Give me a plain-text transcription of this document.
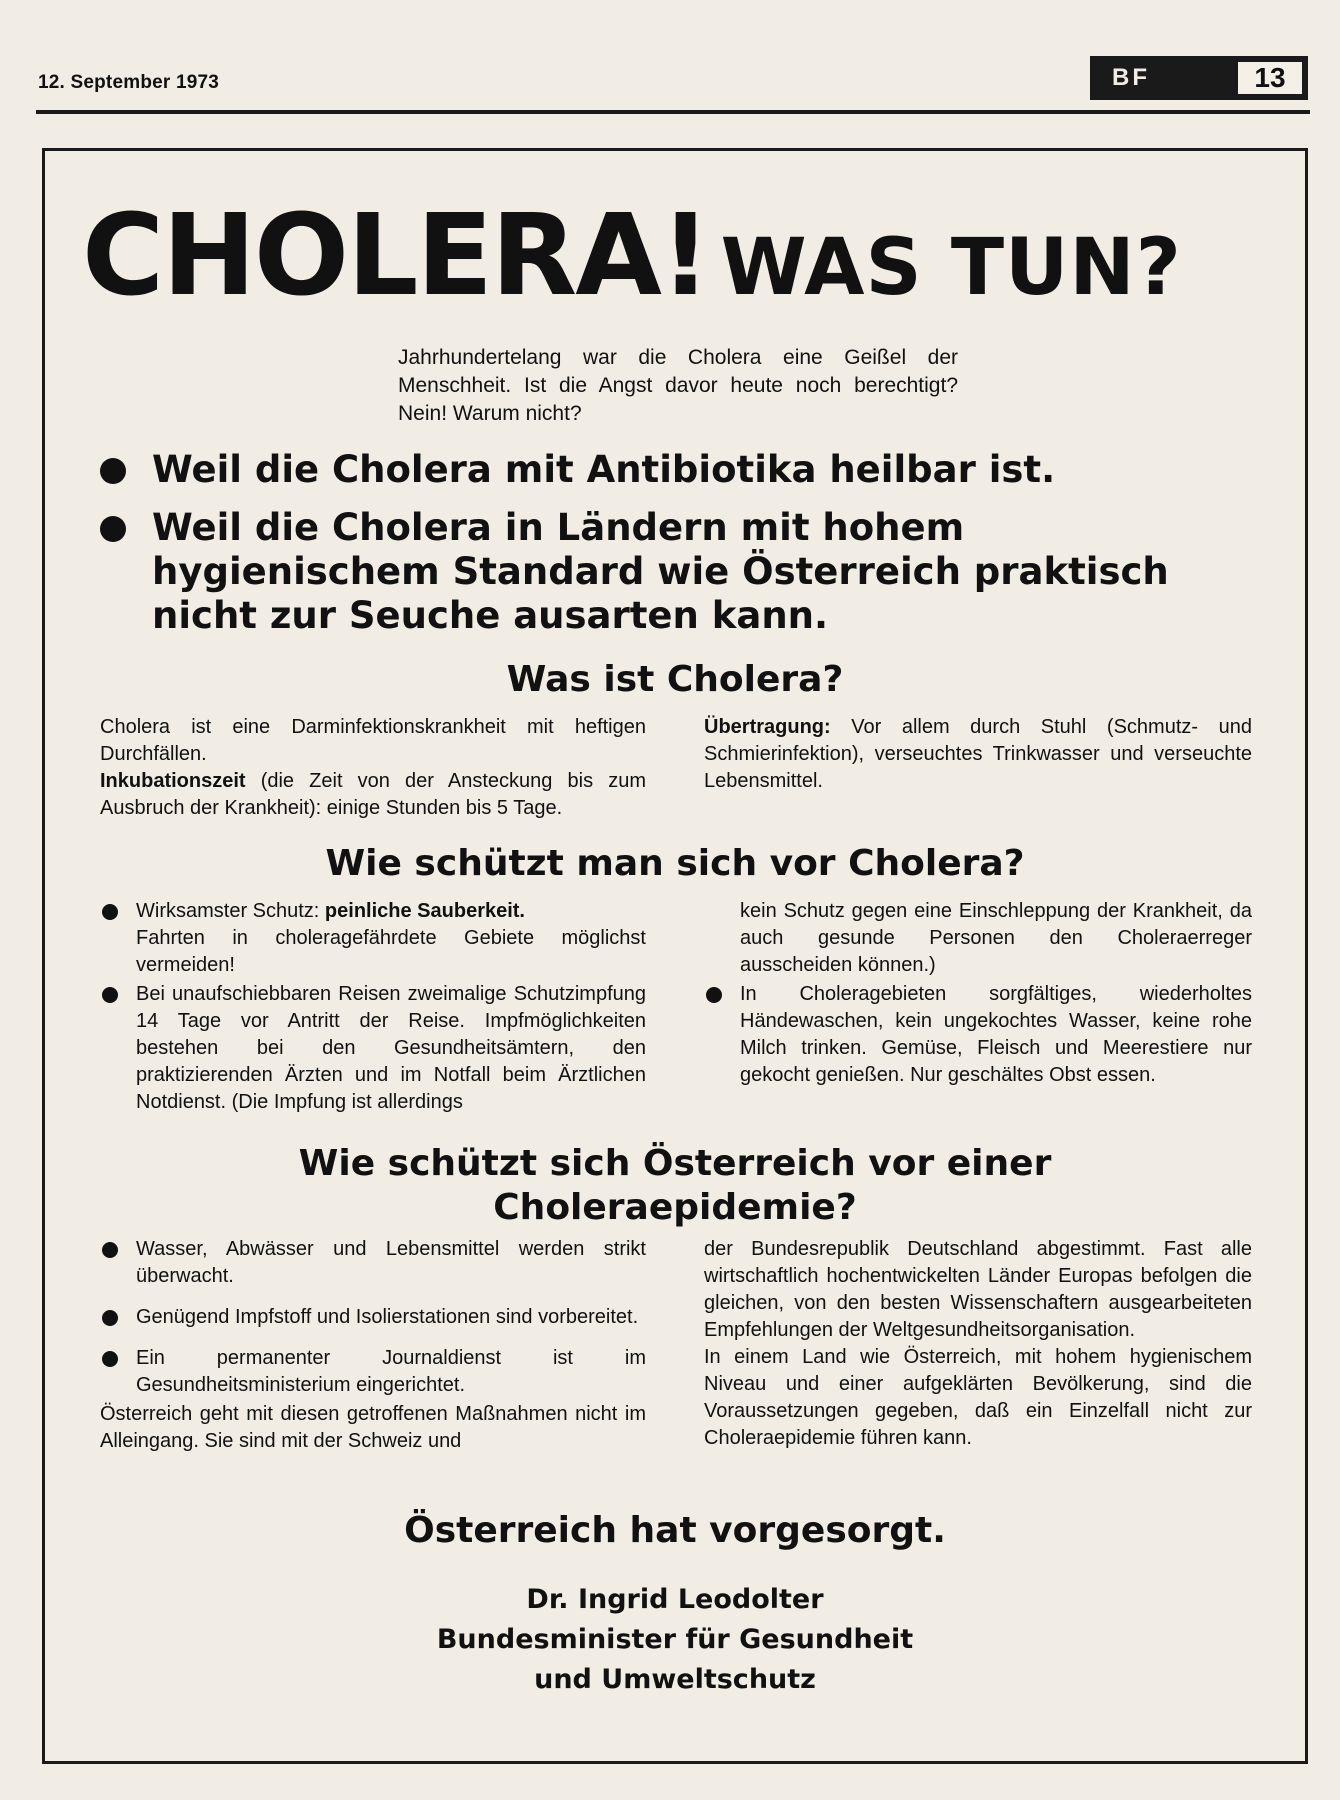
12. September 1973	BF	13
CHOLERA! WAS TUN?
Jahrhundertelang war die Cholera eine Geißel der Menschheit. Ist die Angst davor heute noch berechtigt? Nein! Warum nicht?
Weil die Cholera mit Antibiotika heilbar ist.
Weil die Cholera in Ländern mit hohem hygienischem Standard wie Österreich praktisch nicht zur Seuche ausarten kann.
Was ist Cholera?

Cholera ist eine Darminfektionskrankheit mit heftigen Durchfällen.

Inkubationszeit (die Zeit von der Ansteckung bis zum Ausbruch der Krankheit): einige Stunden bis 5 Tage.

Übertragung: Vor allem durch Stuhl (Schmutz- und Schmierinfektion), verseuchtes Trinkwasser und verseuchte Lebensmittel.

Wie schützt man sich vor Cholera?
Wirksamster Schutz: peinliche Sauberkeit.
Fahrten in choleragefährdete Gebiete möglichst vermeiden!
Bei unaufschiebbaren Reisen zweimalige Schutzimpfung 14 Tage vor Antritt der Reise. Impfmöglichkeiten bestehen bei den Gesundheitsämtern, den praktizierenden Ärzten und im Notfall beim Ärztlichen Notdienst. (Die Impfung ist allerdings

kein Schutz gegen eine Einschleppung der Krankheit, da auch gesunde Personen den Choleraerreger ausscheiden können.)

In Choleragebieten sorgfältiges, wiederholtes Händewaschen, kein ungekochtes Wasser, keine rohe Milch trinken. Gemüse, Fleisch und Meerestiere nur gekocht genießen. Nur geschältes Obst essen.
Wie schützt sich Österreich vor einer
Choleraepidemie?
Wasser, Abwässer und Lebensmittel werden strikt überwacht.
Genügend Impfstoff und Isolierstationen sind vorbereitet.
Ein permanenter Journaldienst ist im Gesundheitsministerium eingerichtet.

Österreich geht mit diesen getroffenen Maßnahmen nicht im Alleingang. Sie sind mit der Schweiz und

der Bundesrepublik Deutschland abgestimmt. Fast alle wirtschaftlich hochentwickelten Länder Europas befolgen die gleichen, von den besten Wissenschaftern ausgearbeiteten Empfehlungen der Weltgesundheitsorganisation.

In einem Land wie Österreich, mit hohem hygienischem Niveau und einer aufgeklärten Bevölkerung, sind die Voraussetzungen gegeben, daß ein Einzelfall nicht zur Choleraepidemie führen kann.

Österreich hat vorgesorgt.
Dr. Ingrid Leodolter
Bundesminister für Gesundheit
und Umweltschutz
